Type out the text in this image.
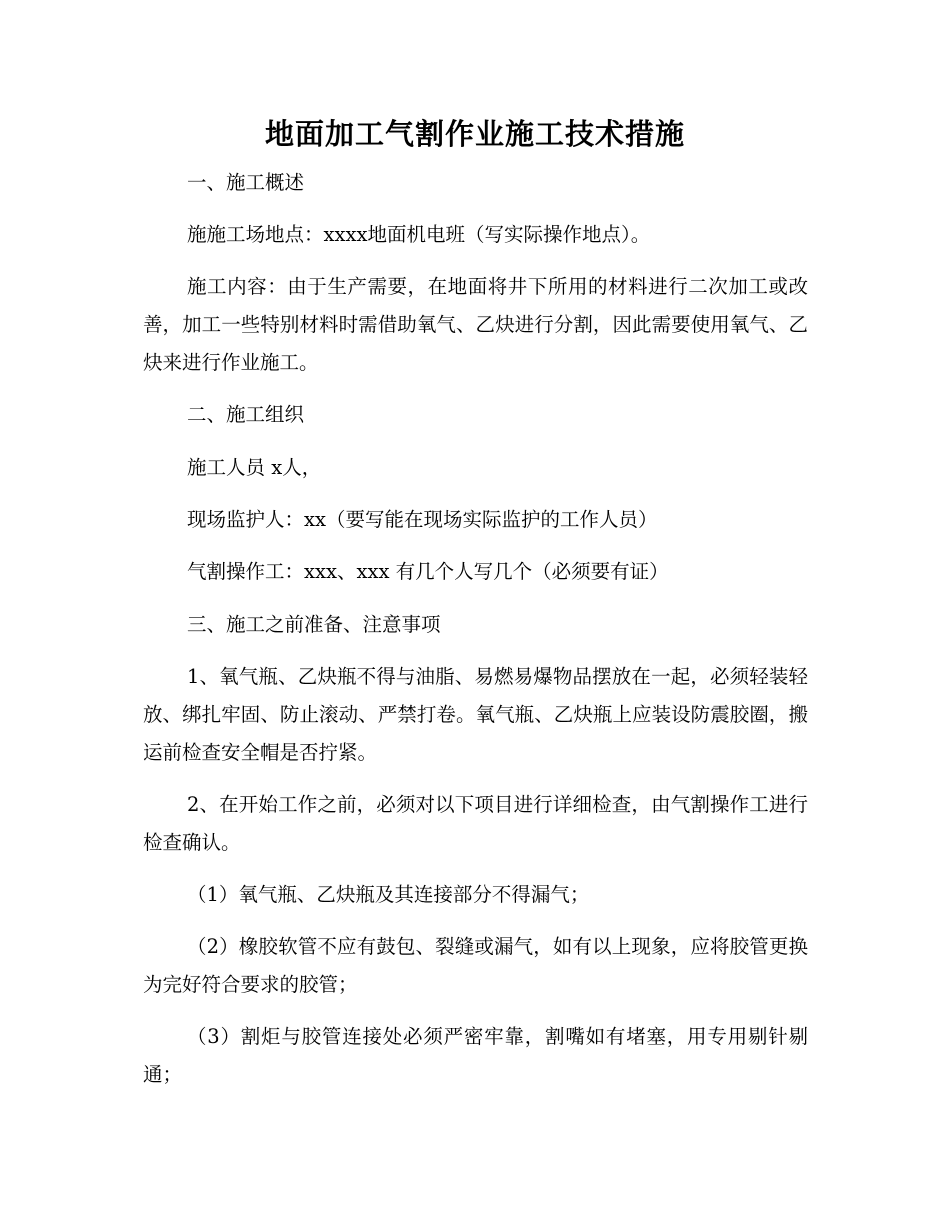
地面加工气割作业施工技术措施
一、施工概述
施施工场地点：xxxx地面机电班（写实际操作地点）。
施工内容：由于生产需要，在地面将井下所用的材料进行二次加工或改善，加工一些特别材料时需借助氧气、乙炔进行分割，因此需要使用氧气、乙炔来进行作业施工。
二、施工组织
施工人员 x人，
现场监护人：xx（要写能在现场实际监护的工作人员）
气割操作工：xxx、xxx 有几个人写几个（必须要有证）
三、施工之前准备、注意事项
1、氧气瓶、乙炔瓶不得与油脂、易燃易爆物品摆放在一起，必须轻装轻放、绑扎牢固、防止滚动、严禁打卷。氧气瓶、乙炔瓶上应装设防震胶圈，搬运前检查安全帽是否拧紧。
2、在开始工作之前，必须对以下项目进行详细检查，由气割操作工进行检查确认。
（1）氧气瓶、乙炔瓶及其连接部分不得漏气；
（2）橡胶软管不应有鼓包、裂缝或漏气，如有以上现象，应将胶管更换为完好符合要求的胶管；
（3）割炬与胶管连接处必须严密牢靠，割嘴如有堵塞，用专用剔针剔通；
